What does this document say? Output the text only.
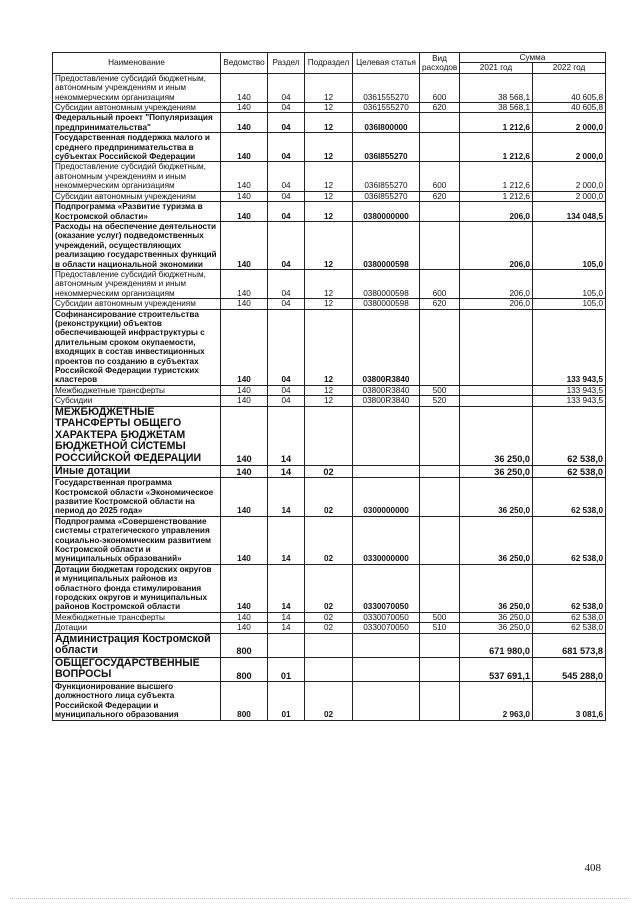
Наименование	Ведомство	Раздел	Подраздел	Целевая статья	Вид расходов	Сумма	
						2021 год	2022 год
Предоставление субсидий бюджетным, автономным учреждениям и иным некоммерческим организациям	140	04	12	0361555270	600	38 568,1	40 605,8
Субсидии автономным учреждениям	140	04	12	0361555270	620	38 568,1	40 605,8
Федеральный проект "Популяризация предпринимательства"	140	04	12	036I800000		1 212,6	2 000,0
Государственная поддержка малого и среднего предпринимательства в субъектах Российской Федерации	140	04	12	036I855270		1 212,6	2 000,0
Предоставление субсидий бюджетным, автономным учреждениям и иным некоммерческим организациям	140	04	12	036I855270	600	1 212,6	2 000,0
Субсидии автономным учреждениям	140	04	12	036I855270	620	1 212,6	2 000,0
Подпрограмма «Развитие туризма в Костромской области»	140	04	12	0380000000		206,0	134 048,5
Расходы на обеспечение деятельности (оказание услуг) подведомственных учреждений, осуществляющих реализацию государственных функций в области национальной экономики	140	04	12	0380000598		206,0	105,0
Предоставление субсидий бюджетным, автономным учреждениям и иным некоммерческим организациям	140	04	12	0380000598	600	206,0	105,0
Субсидии автономным учреждениям	140	04	12	0380000598	620	206,0	105,0
Софинансирование строительства (реконструкции) объектов обеспечивающей инфраструктуры с длительным сроком окупаемости, входящих в состав инвестиционных проектов по созданию в субъектах Российской Федерации туристских кластеров	140	04	12	03800R3840			133 943,5
Межбюджетные трансферты	140	04	12	03800R3840	500		133 943,5
Субсидии	140	04	12	03800R3840	520		133 943,5
МЕЖБЮДЖЕТНЫЕ ТРАНСФЕРТЫ ОБЩЕГО ХАРАКТЕРА БЮДЖЕТАМ БЮДЖЕТНОЙ СИСТЕМЫ РОССИЙСКОЙ ФЕДЕРАЦИИ	140	14				36 250,0	62 538,0
Иные дотации	140	14	02			36 250,0	62 538,0
Государственная программа Костромской области «Экономическое развитие Костромской области на период до 2025 года»	140	14	02	0300000000		36 250,0	62 538,0
Подпрограмма «Совершенствование системы стратегического управления социально-экономическим развитием Костромской области и муниципальных образований»	140	14	02	0330000000		36 250,0	62 538,0
Дотации бюджетам городских округов и муниципальных районов из областного фонда стимулирования городских округов и муниципальных районов Костромской области	140	14	02	0330070050		36 250,0	62 538,0
Межбюджетные трансферты	140	14	02	0330070050	500	36 250,0	62 538,0
Дотации	140	14	02	0330070050	510	36 250,0	62 538,0
Администрация Костромской области	800					671 980,0	681 573,8
ОБЩЕГОСУДАРСТВЕННЫЕ ВОПРОСЫ	800	01				537 691,1	545 288,0
Функционирование высшего должностного лица субъекта Российской Федерации и муниципального образования	800	01	02			2 963,0	3 081,6
408
